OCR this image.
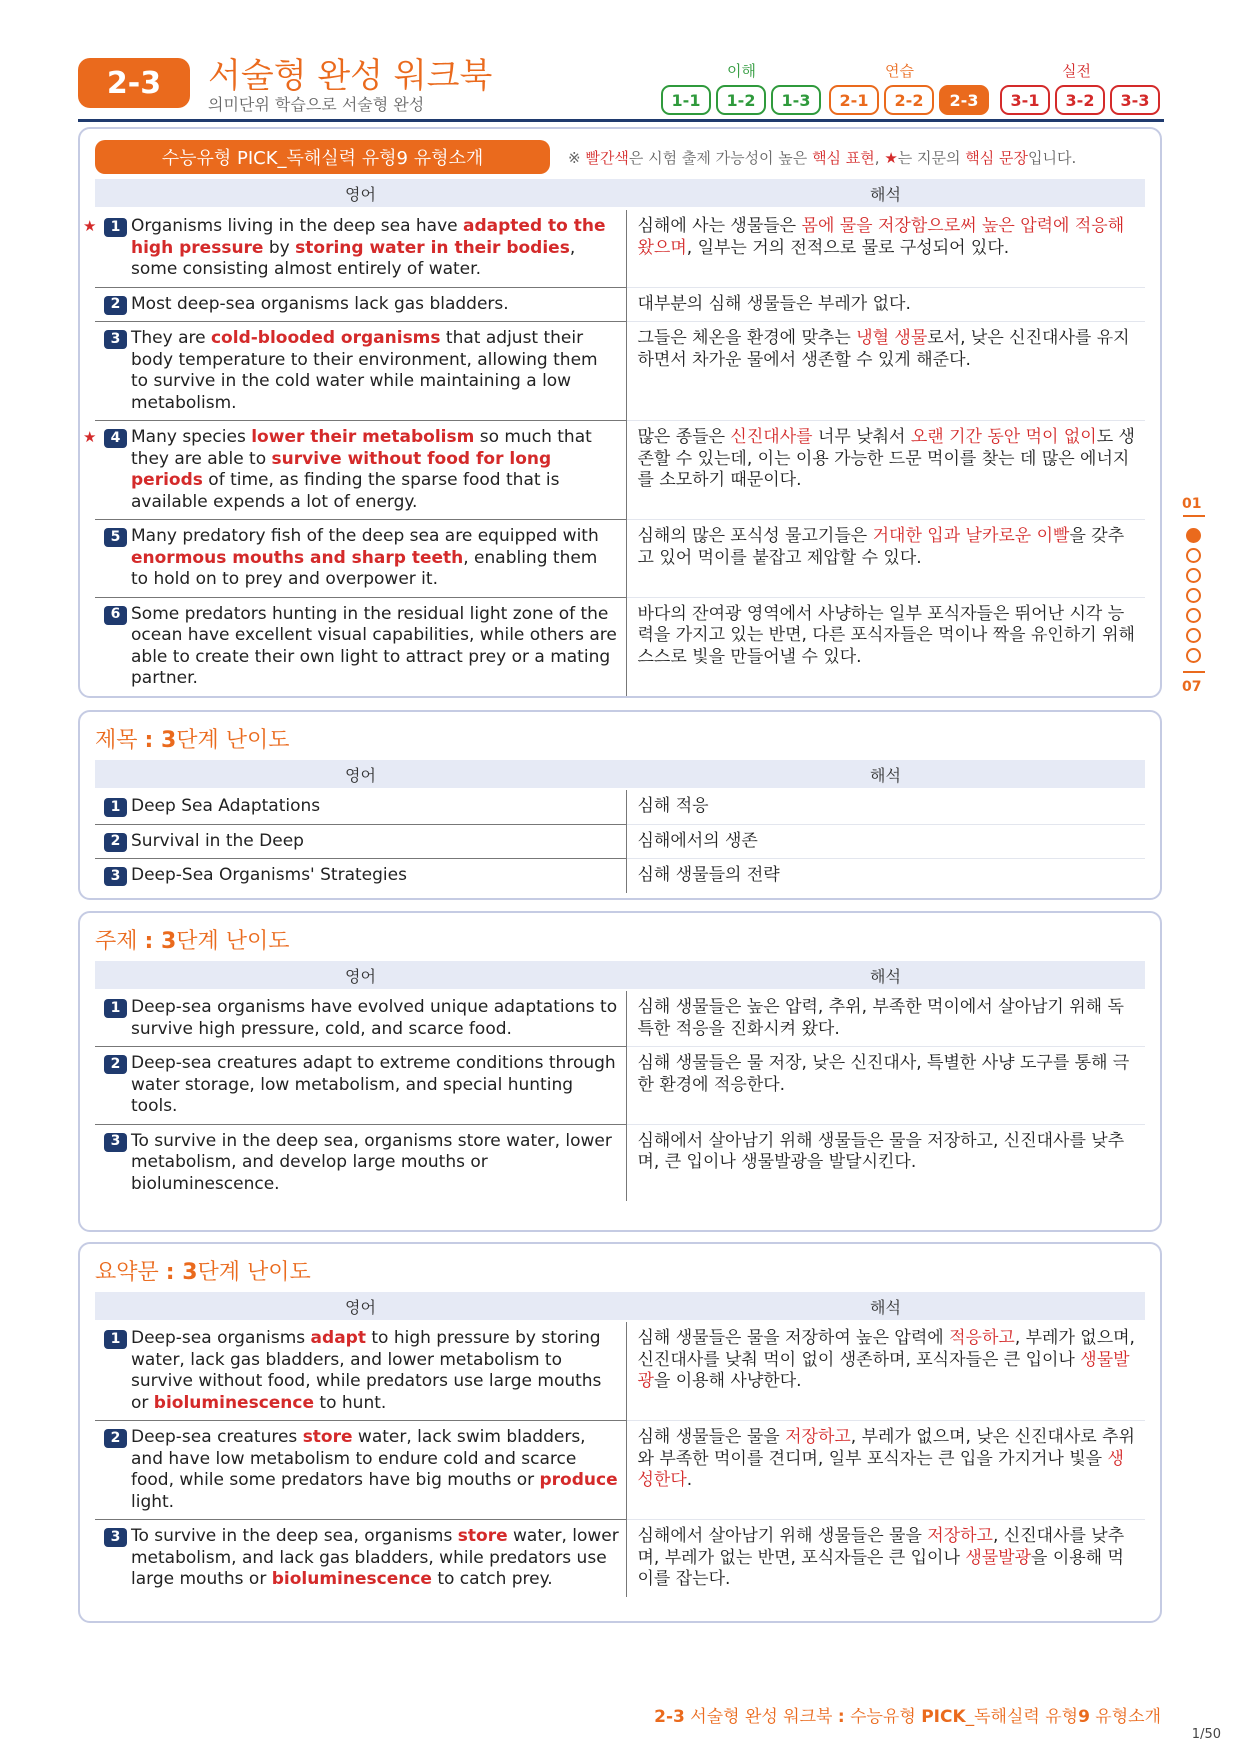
2-3	서술형 완성 워크북
의미단위 학습으로 서술형 완성
이해	연습	실전
1-1	1-2	1-3	2-1	2-2	2-3	3-1	3-2	3-3
01
07
수능유형 PICK_독해실력 유형9 유형소개	※ 빨간색은 시험 출제 가능성이 높은 핵심 표현, ★는 지문의 핵심 문장입니다.
영어	해석
★ 1 Organisms living in the deep sea have adapted to the high pressure by storing water in their bodies, some consisting almost entirely of water.	심해에 사는 생물들은 몸에 물을 저장함으로써 높은 압력에 적응해 왔으며, 일부는 거의 전적으로 물로 구성되어 있다.

2 Most deep-sea organisms lack gas bladders.	대부분의 심해 생물들은 부레가 없다.

3 They are cold-blooded organisms that adjust their body temperature to their environment, allowing them to survive in the cold water while maintaining a low metabolism.	그들은 체온을 환경에 맞추는 냉혈 생물로서, 낮은 신진대사를 유지하면서 차가운 물에서 생존할 수 있게 해준다.

★ 4 Many species lower their metabolism so much that they are able to survive without food for long periods of time, as finding the sparse food that is available expends a lot of energy.	많은 종들은 신진대사를 너무 낮춰서 오랜 기간 동안 먹이 없이도 생존할 수 있는데, 이는 이용 가능한 드문 먹이를 찾는 데 많은 에너지를 소모하기 때문이다.

5 Many predatory fish of the deep sea are equipped with enormous mouths and sharp teeth, enabling them to hold on to prey and overpower it.	심해의 많은 포식성 물고기들은 거대한 입과 날카로운 이빨을 갖추고 있어 먹이를 붙잡고 제압할 수 있다.

6 Some predators hunting in the residual light zone of the ocean have excellent visual capabilities, while others are able to create their own light to attract prey or a mating partner.	바다의 잔여광 영역에서 사냥하는 일부 포식자들은 뛰어난 시각 능력을 가지고 있는 반면, 다른 포식자들은 먹이나 짝을 유인하기 위해 스스로 빛을 만들어낼 수 있다.
제목 : 3단계 난이도
영어	해석
1 Deep Sea Adaptations	심해 적응

2 Survival in the Deep	심해에서의 생존

3 Deep-Sea Organisms' Strategies	심해 생물들의 전략
주제 : 3단계 난이도
영어	해석
1 Deep-sea organisms have evolved unique adaptations to survive high pressure, cold, and scarce food.	심해 생물들은 높은 압력, 추위, 부족한 먹이에서 살아남기 위해 독특한 적응을 진화시켜 왔다.

2 Deep-sea creatures adapt to extreme conditions through water storage, low metabolism, and special hunting tools.	심해 생물들은 물 저장, 낮은 신진대사, 특별한 사냥 도구를 통해 극한 환경에 적응한다.

3 To survive in the deep sea, organisms store water, lower metabolism, and develop large mouths or bioluminescence.	심해에서 살아남기 위해 생물들은 물을 저장하고, 신진대사를 낮추며, 큰 입이나 생물발광을 발달시킨다.
요약문 : 3단계 난이도
영어	해석
1 Deep-sea organisms adapt to high pressure by storing water, lack gas bladders, and lower metabolism to survive without food, while predators use large mouths or bioluminescence to hunt.	심해 생물들은 물을 저장하여 높은 압력에 적응하고, 부레가 없으며, 신진대사를 낮춰 먹이 없이 생존하며, 포식자들은 큰 입이나 생물발광을 이용해 사냥한다.

2 Deep-sea creatures store water, lack swim bladders, and have low metabolism to endure cold and scarce food, while some predators have big mouths or produce light.	심해 생물들은 물을 저장하고, 부레가 없으며, 낮은 신진대사로 추위와 부족한 먹이를 견디며, 일부 포식자는 큰 입을 가지거나 빛을 생성한다.

3 To survive in the deep sea, organisms store water, lower metabolism, and lack gas bladders, while predators use large mouths or bioluminescence to catch prey.	심해에서 살아남기 위해 생물들은 물을 저장하고, 신진대사를 낮추며, 부레가 없는 반면, 포식자들은 큰 입이나 생물발광을 이용해 먹이를 잡는다.
2-3 서술형 완성 워크북 : 수능유형 PICK_독해실력 유형9 유형소개
1/50
